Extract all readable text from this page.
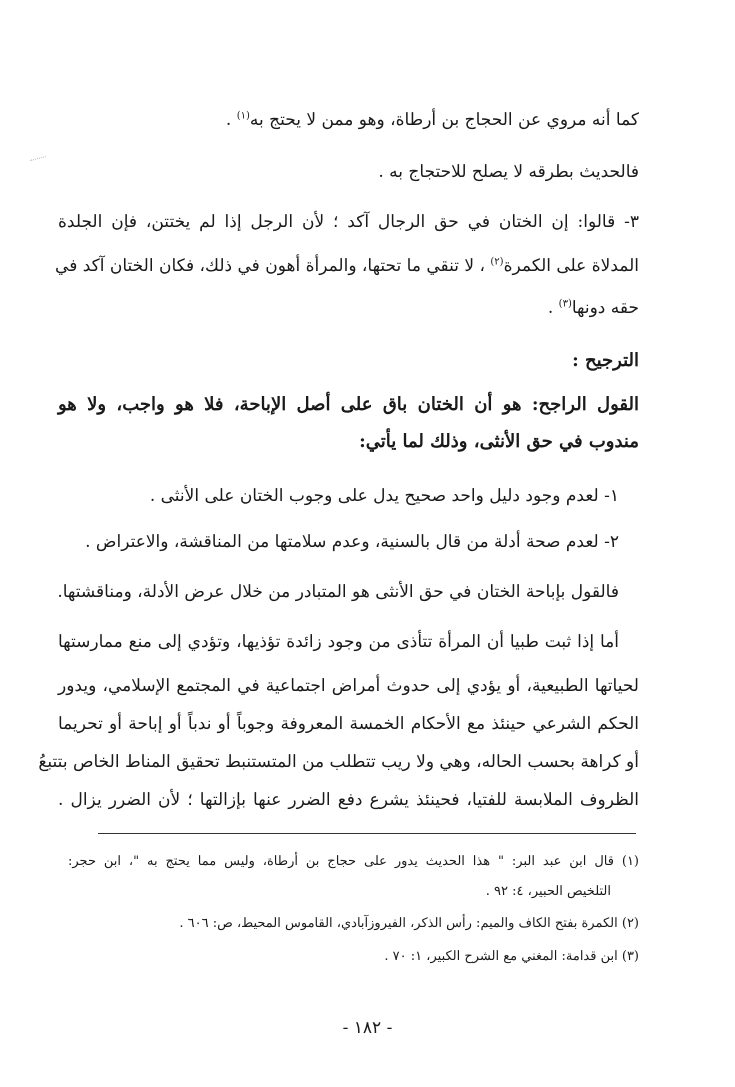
كما أنه مروي عن الحجاج بن أرطاة، وهو ممن لا يحتج به$^{(١)}$ .
فالحديث بطرقه لا يصلح للاحتجاج به .
٣- قالوا: إن الختان في حق الرجال آكد ؛ لأن الرجل إذا لم يختتن، فإن الجلدة
المدلاة على الكمرة$^{(٢)}$ ، لا تنقي ما تحتها، والمرأة أهون في ذلك، فكان الختان آكد في
حقه دونها$^{(٣)}$ .
الترجيح :
القول الراجح: هو أن الختان باق على أصل الإباحة، فلا هو واجب، ولا هو
مندوب في حق الأنثى، وذلك لما يأتي:
١- لعدم وجود دليل واحد صحيح يدل على وجوب الختان على الأنثى .
٢- لعدم صحة أدلة من قال بالسنية، وعدم سلامتها من المناقشة، والاعتراض .
فالقول بإباحة الختان في حق الأنثى هو المتبادر من خلال عرض الأدلة، ومناقشتها.
أما إذا ثبت طبيا أن المرأة تتأذى من وجود زائدة تؤذيها، وتؤدي إلى منع ممارستها
لحياتها الطبيعية، أو يؤدي إلى حدوث أمراض اجتماعية في المجتمع الإسلامي، ويدور
الحكم الشرعي حينئذ مع الأحكام الخمسة المعروفة وجوباً أو ندباً أو إباحة أو تحريما
أو كراهة بحسب الحاله، وهي ولا ريب تتطلب من المتستنبط تحقيق المناط الخاص بتتبعُ
الظروف الملابسة للفتيا، فحينئذ يشرع دفع الضرر عنها بإزالتها ؛ لأن الضرر يزال .
(١) قال ابن عبد البر: " هذا الحديث يدور على حجاج بن أرطاة، وليس مما يحتج به "، ابن حجر:
التلخيص الحبير، ٤: ٩٢ .
(٢) الكمرة بفتح الكاف والميم: رأس الذكر، الفيروزآبادي، القاموس المحيط، ص: ٦٠٦ .
(٣) ابن قدامة: المغني مع الشرح الكبير، ١: ٧٠ .
- ١٨٢ -
